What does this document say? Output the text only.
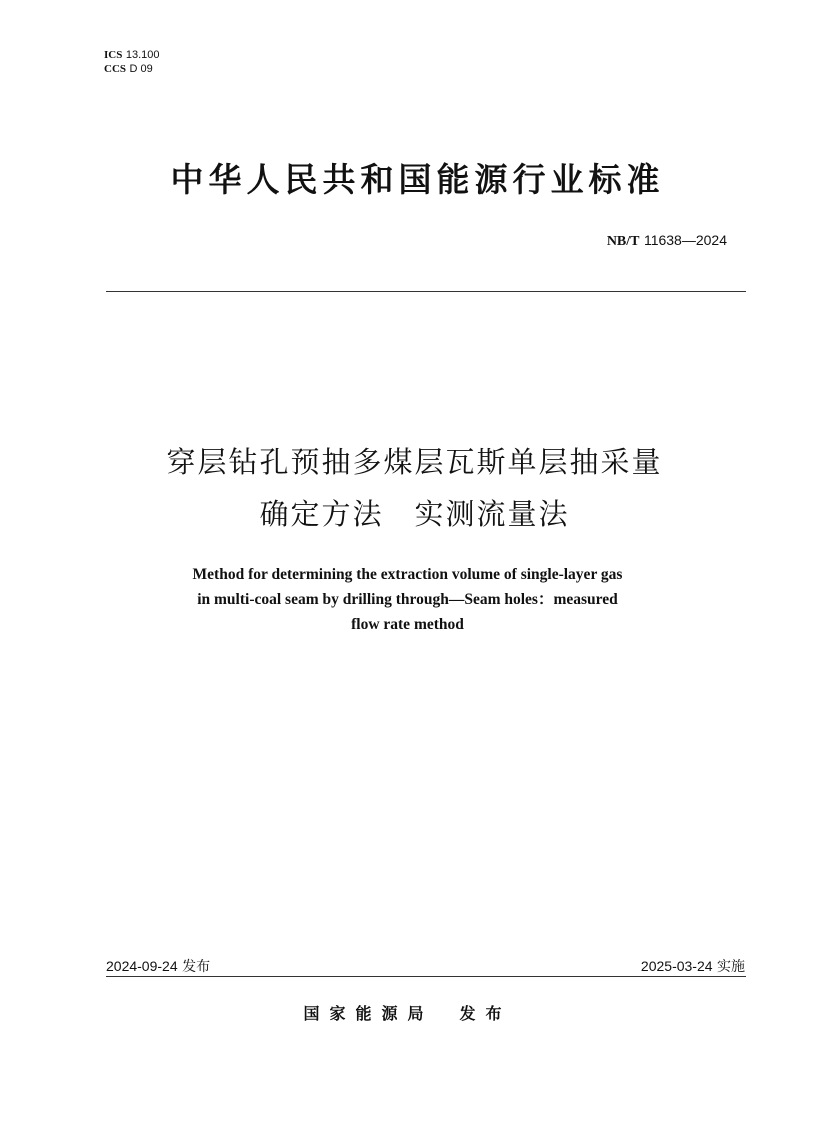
ICS 13.100
CCS D 09
中华人民共和国能源行业标准
NB/T 11638—2024
穿层钻孔预抽多煤层瓦斯单层抽采量
确定方法　实测流量法
Method for determining the extraction volume of single-layer gas
in multi-coal seam by drilling through—Seam holes：measured
flow rate method
2024-09-24 发布	2025-03-24 实施
国家能源局 发布
